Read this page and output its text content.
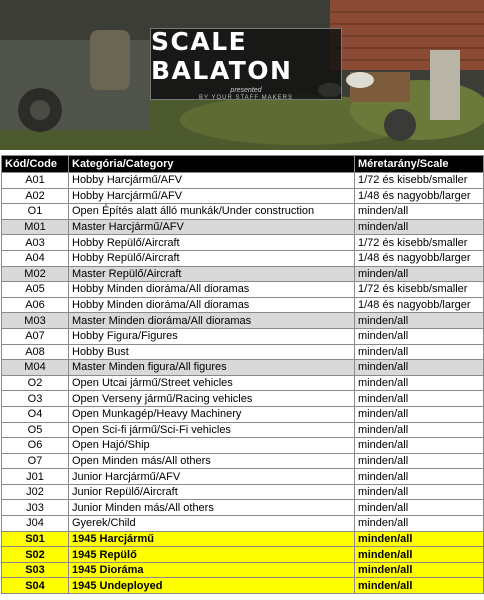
SCALE BALATON
presented
BY YOUR STAFF MAKERS
Kód/Code	Kategória/Category	Méretarány/Scale
A01	Hobby Harcjármű/AFV	1/72 és kisebb/smaller
A02	Hobby Harcjármű/AFV	1/48 és nagyobb/larger
O1	Open Építés alatt álló munkák/Under construction	minden/all
M01	Master Harcjármű/AFV	minden/all
A03	Hobby Repülő/Aircraft	1/72 és kisebb/smaller
A04	Hobby Repülő/Aircraft	1/48 és nagyobb/larger
M02	Master Repülő/Aircraft	minden/all
A05	Hobby Minden dioráma/All dioramas	1/72 és kisebb/smaller
A06	Hobby Minden dioráma/All dioramas	1/48 és nagyobb/larger
M03	Master Minden dioráma/All dioramas	minden/all
A07	Hobby Figura/Figures	minden/all
A08	Hobby Bust	minden/all
M04	Master Minden figura/All figures	minden/all
O2	Open Utcai jármű/Street vehicles	minden/all
O3	Open Verseny jármű/Racing vehicles	minden/all
O4	Open Munkagép/Heavy Machinery	minden/all
O5	Open Sci-fi jármű/Sci-Fi vehicles	minden/all
O6	Open Hajó/Ship	minden/all
O7	Open Minden más/All others	minden/all
J01	Junior Harcjármű/AFV	minden/all
J02	Junior Repülő/Aircraft	minden/all
J03	Junior Minden más/All others	minden/all
J04	Gyerek/Child	minden/all
S01	1945 Harcjármű	minden/all
S02	1945 Repülő	minden/all
S03	1945 Dioráma	minden/all
S04	1945 Undeployed	minden/all
